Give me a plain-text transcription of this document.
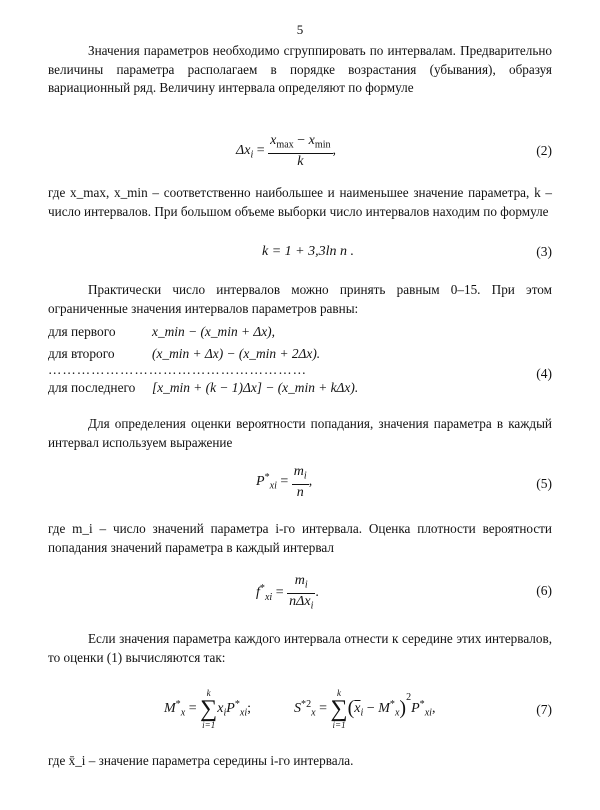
5
Значения параметров необходимо сгруппировать по интервалам. Предварительно величины параметра располагаем в порядке возрастания (убывания), образуя вариационный ряд. Величину интервала определяют по формуле
$\Delta x_i = \frac{x_{max} - x_{min}}{k}$ ,	(2)
где x_max, x_min – соответственно наибольшее и наименьшее значение параметра, k – число интервалов. При большом объеме выборки число интервалов находим по формуле
k = 1 + 3,3ln n .	(3)
Практически число интервалов можно принять равным 0–15. При этом ограниченные значения интервалов параметров равны:
для первого	x_min − (x_min + Δx),
для второго	(x_min + Δx) − (x_min + 2Δx).
………………………………………………
для последнего [x_min + (k − 1)Δx] − (x_min + kΔx).
(4)
Для определения оценки вероятности попадания, значения параметра в каждый интервал используем выражение
$P^*_{xi} = \frac{m_i}{n}$ ,	(5)
где m_i – число значений параметра i-го интервала. Оценка плотности вероятности попадания значений параметра в каждый интервал
$f^*_{xi} = \frac{m_i}{n\Delta x_i}$ .	(6)
Если значения параметра каждого интервала отнести к середине этих интервалов, то оценки (1) вычисляются так:
$M^*_x$ =
k
∑
i=1
$x_iP^*_{xi}$;	$S^{*2}_x$ =
k
∑
i=1
$(\overline{x}_i - M^*_x)^2P^*_{xi}$,	(7)
где x̄_i – значение параметра середины i-го интервала.
